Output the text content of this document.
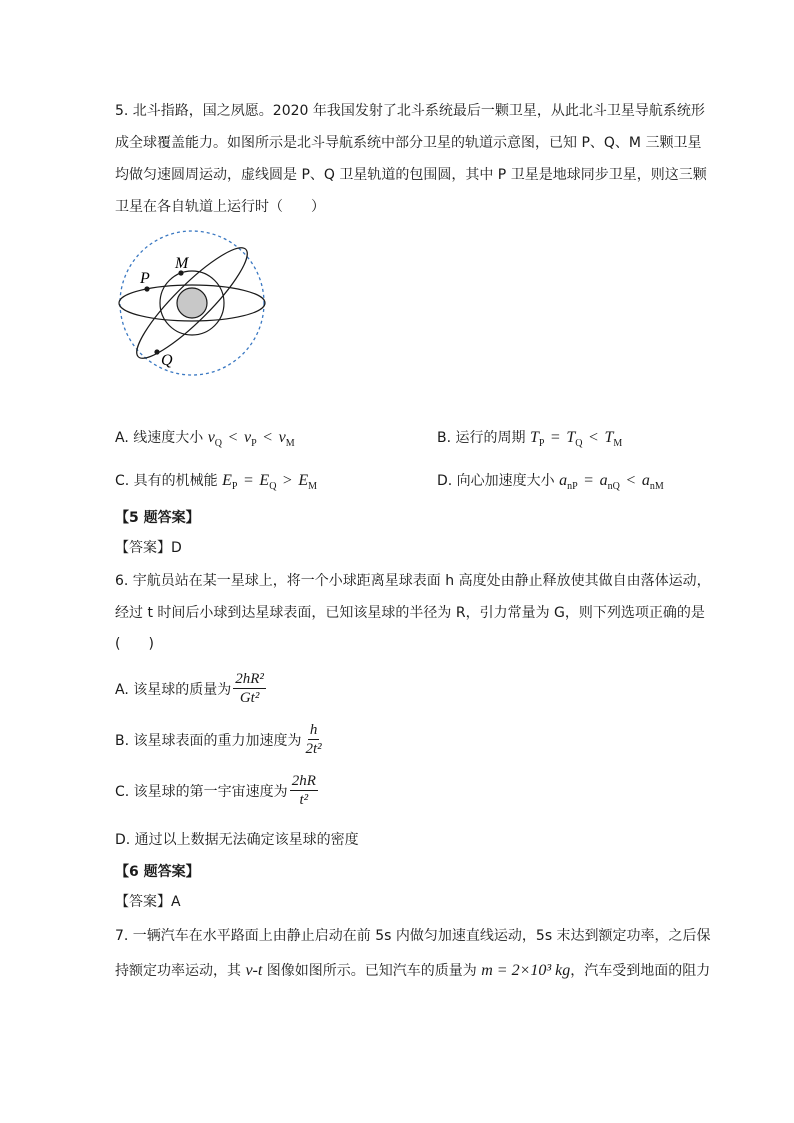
5. 北斗指路，国之夙愿。2020 年我国发射了北斗系统最后一颗卫星，从此北斗卫星导航系统形
成全球覆盖能力。如图所示是北斗导航系统中部分卫星的轨道示意图，已知 P、Q、M 三颗卫星
均做匀速圆周运动，虚线圆是 P、Q 卫星轨道的包围圆，其中 P 卫星是地球同步卫星，则这三颗
卫星在各自轨道上运行时（　　）
P
M
Q
A. 线速度大小 $v_Q < v_P < v_M$	B. 运行的周期 $T_P = T_Q < T_M$
C. 具有的机械能 $E_P = E_Q > E_M$	D. 向心加速度大小 $a_{nP} = a_{nQ} < a_{nM}$
【5 题答案】
【答案】D
6. 宇航员站在某一星球上，将一个小球距离星球表面 h 高度处由静止释放使其做自由落体运动，
经过 t 时间后小球到达星球表面，已知该星球的半径为 R，引力常量为 G，则下列选项正确的是
(　　)
A. 该星球的质量为 $\frac{\text{2hR²}}{\text{Gt²}}$
B. 该星球表面的重力加速度为 $\frac{h}{\text{2t²}}$
C. 该星球的第一宇宙速度为 $\frac{2hR}{\text{t²}}$
D. 通过以上数据无法确定该星球的密度
【6 题答案】
【答案】A
7. 一辆汽车在水平路面上由静止启动在前 5s 内做匀加速直线运动，5s 末达到额定功率，之后保
持额定功率运动，其 v-t 图像如图所示。已知汽车的质量为 m = 2×10³ kg，汽车受到地面的阻力
